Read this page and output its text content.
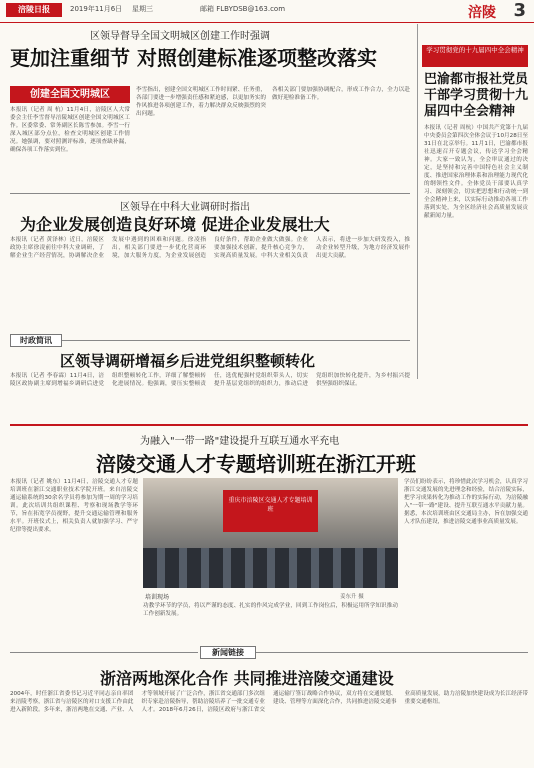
涪陵日报	2019年11月6日 星期三	邮箱 FLBYDSB@163.com	涪陵 3
区领导督导全国文明城区创建工作时强调
更加注重细节 对照创建标准逐项整改落实
创建全国文明城区
本报讯（记者 周 杭）11月4日，涪陵区人大常委会主任李雪督导涪陵城区创建全国文明城区工作。区委常委、常务副区长陈雪参加。李雪一行深入城区部分点位，检查文明城区创建工作情况。她强调，要对照测评标准，逐项查缺补漏，确保各项工作落实到位。
李雪指出，创建全国文明城区工作时间紧、任务重，各部门要进一步增强责任感和紧迫感，以更加务实的作风推进各项创建工作，着力解决群众反映强烈的突出问题。
各相关部门要加强协调配合，形成工作合力，全力以赴做好迎检准备工作。
学习贯彻党的十九届四中全会精神
巴渝都市报社党员干部学习贯彻十九届四中全会精神
本报讯（记者 周杭）中国共产党第十九届中央委员会第四次全体会议于10月28日至31日在北京举行。11月1日，巴渝都市报社迅速召开专题会议，传达学习全会精神。大家一致认为，全会审议通过的决定，是坚持和完善中国特色社会主义制度、推进国家治理体系和治理能力现代化的纲领性文件。全体党员干部要认真学习、深刻领会，切实把思想和行动统一到全会精神上来，以实际行动推动各项工作落到实处，为全区经济社会高质量发展贡献新闻力量。
区领导在中科大业调研时指出
为企业发展创造良好环境 促进企业发展壮大
本报讯（记者 黄泽林）近日，涪陵区政协主席徐凌前往中科大业调研，了解企业生产经营情况，协调解决企业发展中遇到的困难和问题。徐凌指出，相关部门要进一步优化营商环境，加大服务力度，为企业发展创造良好条件，帮助企业做大做强。企业要加强技术创新，提升核心竞争力，实现高质量发展。中科大业相关负责人表示，将进一步加大研发投入，推动企业转型升级，为地方经济发展作出更大贡献。
时政简讯
区领导调研增福乡后进党组织整顿转化
本报讯（记者 李春霖）11月4日，涪陵区政协副主席到增福乡调研后进党组织整顿转化工作，详细了解整顿转化进展情况。他强调，要压实整顿责任，选优配强村党组织带头人，切实提升基层党组织的组织力，推动后进党组织加快转化提升，为乡村振兴提供坚强组织保证。
为融入"一带一路"建设提升互联互通水平充电
涪陵交通人才专题培训班在浙江开班
本报讯（记者 姚东）11月4日，涪陵交通人才专题培训班在浙江交通职业技术学院开班。来自涪陵交通运输系统的30余名学员将参加为期一周的学习培训。此次培训共组织课程、考察和现场教学等环节，旨在拓宽学员视野，提升交通运输管理和服务水平。开班仪式上，相关负责人就加强学习、严守纪律等提出要求。
重庆市涪陵区交通人才专题培训班
培训现场	姜东升 摄
功教学环节的学员，将以严谨的态度、扎实的作风完成学业，回到工作岗位后，积极运用所学知识推动工作创新发展。
学员们纷纷表示，将珍惜此次学习机会，认真学习浙江交通发展的先进理念和经验，结合涪陵实际，把学习成果转化为推动工作的实际行动，为涪陵融入"一带一路"建设、提升互联互通水平贡献力量。据悉，本次培训班由区交通局主办，旨在加强交通人才队伍建设，推进涪陵交通事业高质量发展。
新闻链接
浙涪两地深化合作 共同推进涪陵交通建设
2004年，时任浙江省委书记习近平同志亲自率团来涪陵考察，浙江省与涪陵区的对口支援工作由此进入新阶段。多年来，浙涪两地在交通、产业、人才等领域开展了广泛合作，浙江省交通部门多次组织专家赴涪陵指导，帮助涪陵培养了一批交通专业人才。2018年6月26日，涪陵区政府与浙江省交通运输厅签订战略合作协议，双方将在交通规划、建设、管理等方面深化合作，共同推进涪陵交通事业高质量发展，助力涪陵加快建设成为长江经济带重要交通枢纽。
